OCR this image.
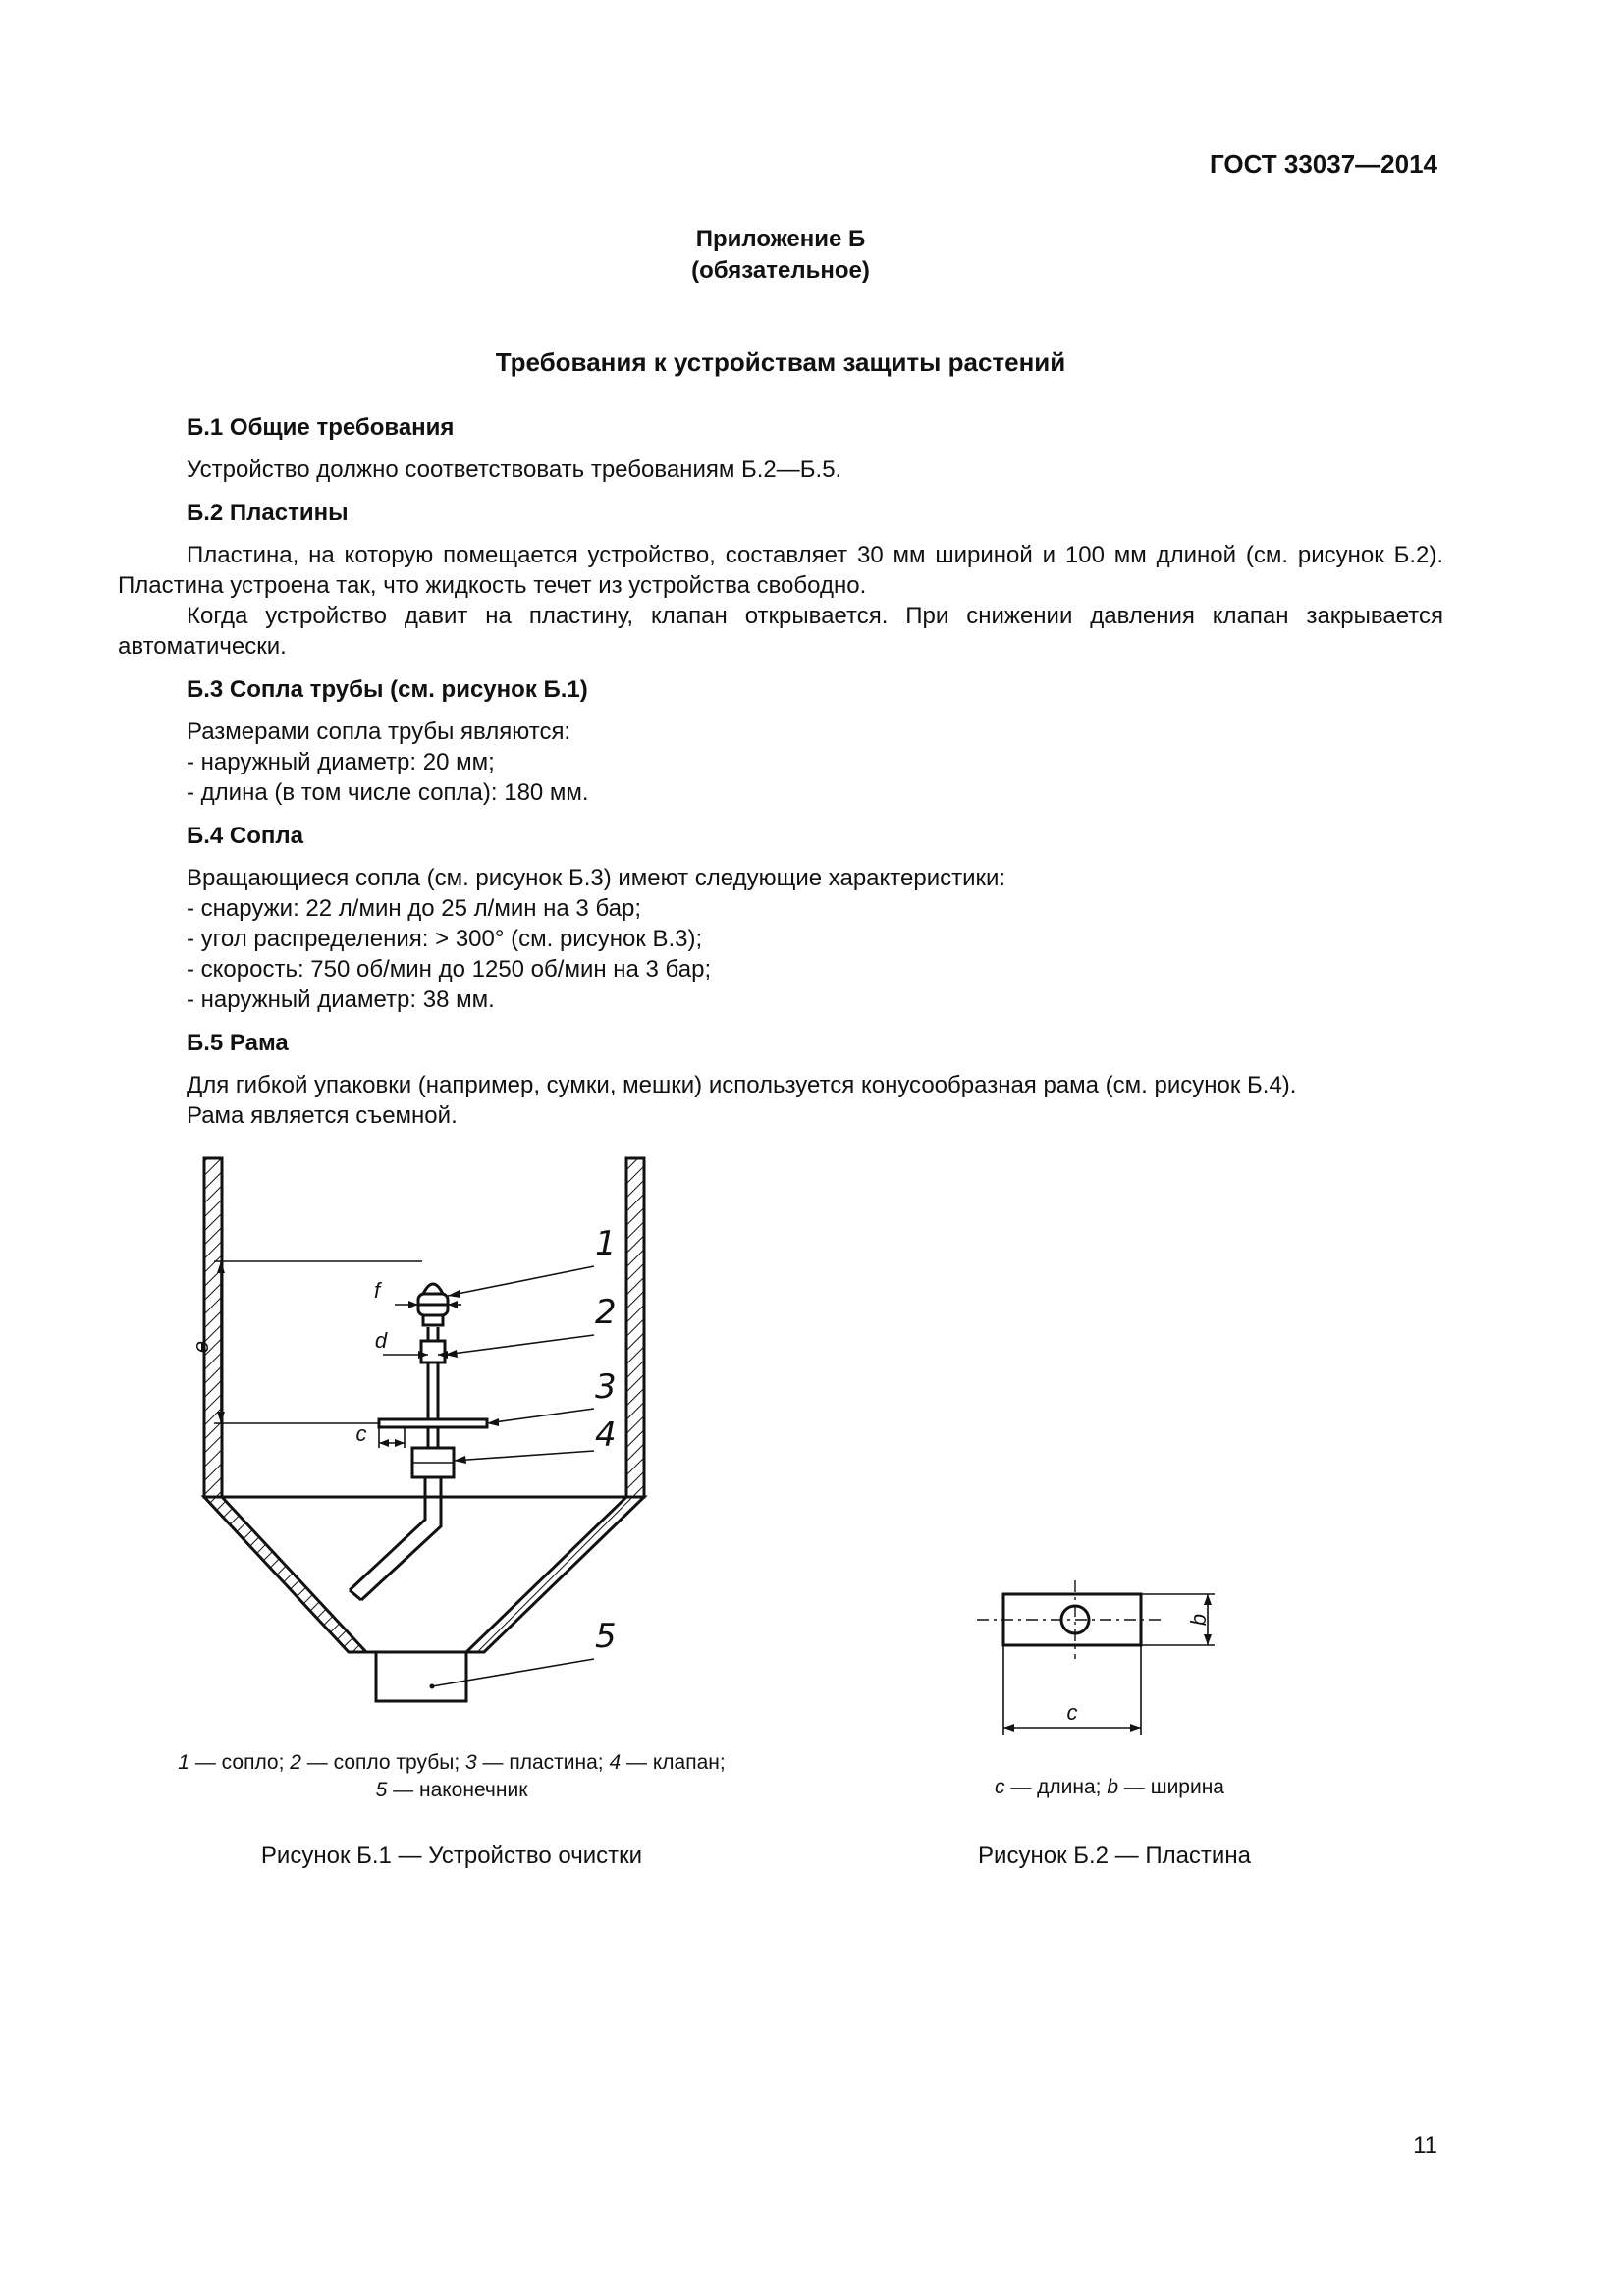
ГОСТ 33037—2014
Приложение Б
(обязательное)
Требования к устройствам защиты растений
Б.1 Общие требования

Устройство должно соответствовать требованиям Б.2—Б.5.

Б.2 Пластины

Пластина, на которую помещается устройство, составляет 30 мм шириной и 100 мм длиной (см. рисунок Б.2). Пластина устроена так, что жидкость течет из устройства свободно.

Когда устройство давит на пластину, клапан открывается. При снижении давления клапан закрывается автоматически.

Б.3 Сопла трубы (см. рисунок Б.1)

Размерами сопла трубы являются:

- наружный диаметр: 20 мм;

- длина (в том числе сопла): 180 мм.

Б.4 Сопла

Вращающиеся сопла (см. рисунок Б.3) имеют следующие характеристики:

- снаружи: 22 л/мин до 25 л/мин на 3 бар;

- угол распределения: > 300° (см. рисунок В.3);

- скорость: 750 об/мин до 1250 об/мин на 3 бар;

- наружный диаметр: 38 мм.

Б.5 Рама

Для гибкой упаковки (например, сумки, мешки) используется конусообразная рама (см. рисунок Б.4).

Рама является съемной.

e
f
d
c
1
2
3
4
5
1 — сопло; 2 — сопло трубы; 3 — пластина; 4 — клапан;
5 — наконечник
Рисунок Б.1 — Устройство очистки
b
c
c — длина; b — ширина
Рисунок Б.2 — Пластина
11
